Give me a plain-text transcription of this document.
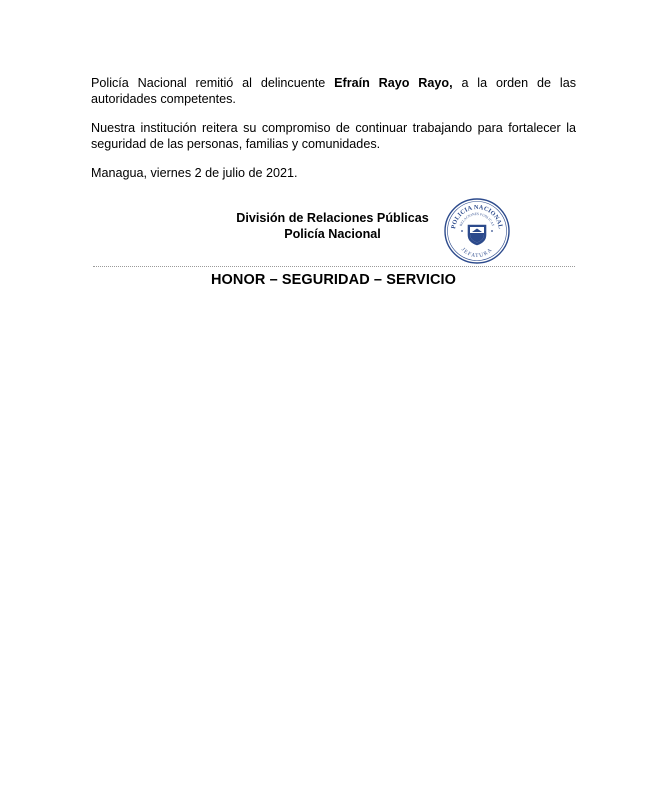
Policía Nacional remitió al delincuente Efraín Rayo Rayo, a la orden de las autoridades competentes.

Nuestra institución reitera su compromiso de continuar trabajando para fortalecer la seguridad de las personas, familias y comunidades.

Managua, viernes 2 de julio de 2021.

División de Relaciones Públicas
Policía Nacional
POLICIA NACIONAL
RELACIONES PUBLICAS
JEFATURA
HONOR – SEGURIDAD – SERVICIO
